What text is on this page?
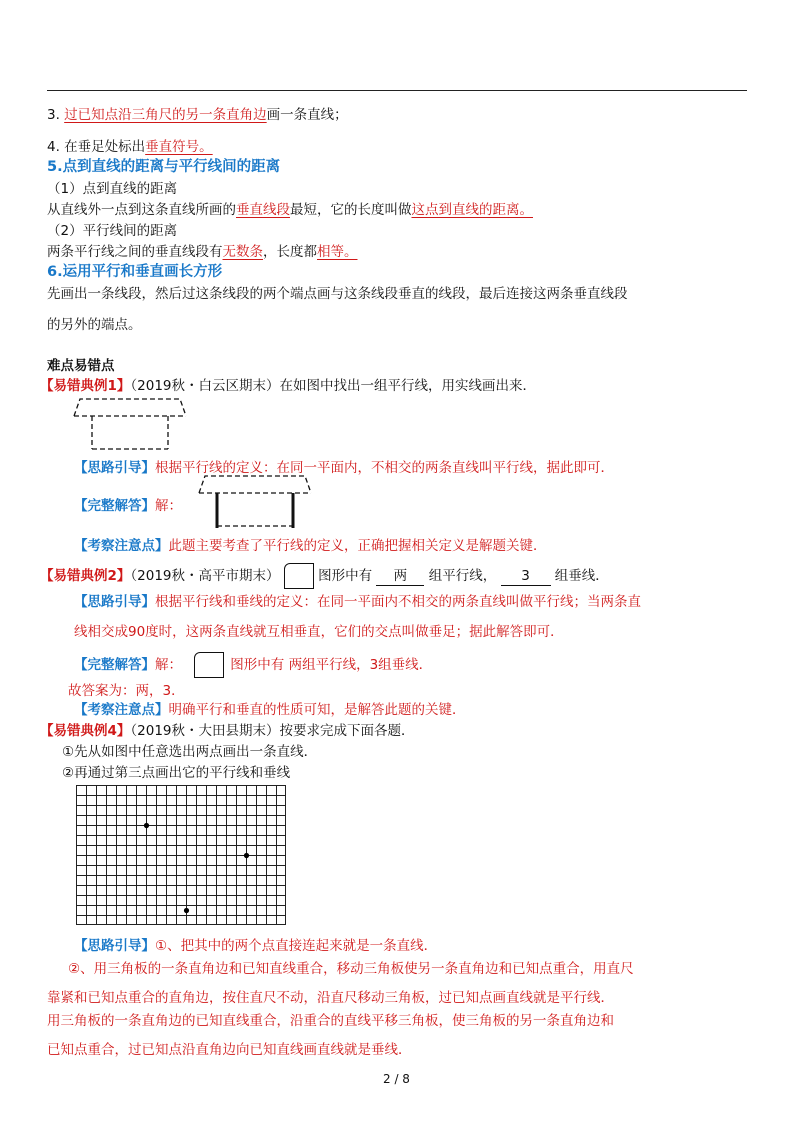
3. 过已知点沿三角尺的另一条直角边画一条直线；
4. 在垂足处标出垂直符号。
5.点到直线的距离与平行线间的距离
（1）点到直线的距离
从直线外一点到这条直线所画的垂直线段最短，它的长度叫做这点到直线的距离。
（2）平行线间的距离
两条平行线之间的垂直线段有无数条，长度都相等。
6.运用平行和垂直画长方形
先画出一条线段，然后过这条线段的两个端点画与这条线段垂直的线段，最后连接这两条垂直线段
的另外的端点。
难点易错点
【易错典例1】（2019秋・白云区期末）在如图中找出一组平行线，用实线画出来．
【思路引导】根据平行线的定义：在同一平面内，不相交的两条直线叫平行线，据此即可．
【完整解答】解：
【考察注意点】此题主要考查了平行线的定义，正确把握相关定义是解题关键．
【易错典例2】（2019秋・高平市期末）	图形中有 两 组平行线， 3 组垂线．
【思路引导】根据平行线和垂线的定义：在同一平面内不相交的两条直线叫做平行线；当两条直
线相交成90度时，这两条直线就互相垂直，它们的交点叫做垂足；据此解答即可．
【完整解答】解：	图形中有 两组平行线，3组垂线．
故答案为：两，3．
【考察注意点】明确平行和垂直的性质可知，是解答此题的关键．
【易错典例4】（2019秋・大田县期末）按要求完成下面各题．
①先从如图中任意选出两点画出一条直线．
②再通过第三点画出它的平行线和垂线
【思路引导】①、把其中的两个点直接连起来就是一条直线．
②、用三角板的一条直角边和已知直线重合，移动三角板使另一条直角边和已知点重合，用直尺
靠紧和已知点重合的直角边，按住直尺不动，沿直尺移动三角板，过已知点画直线就是平行线．
用三角板的一条直角边的已知直线重合，沿重合的直线平移三角板，使三角板的另一条直角边和
已知点重合，过已知点沿直角边向已知直线画直线就是垂线．
2 / 8
